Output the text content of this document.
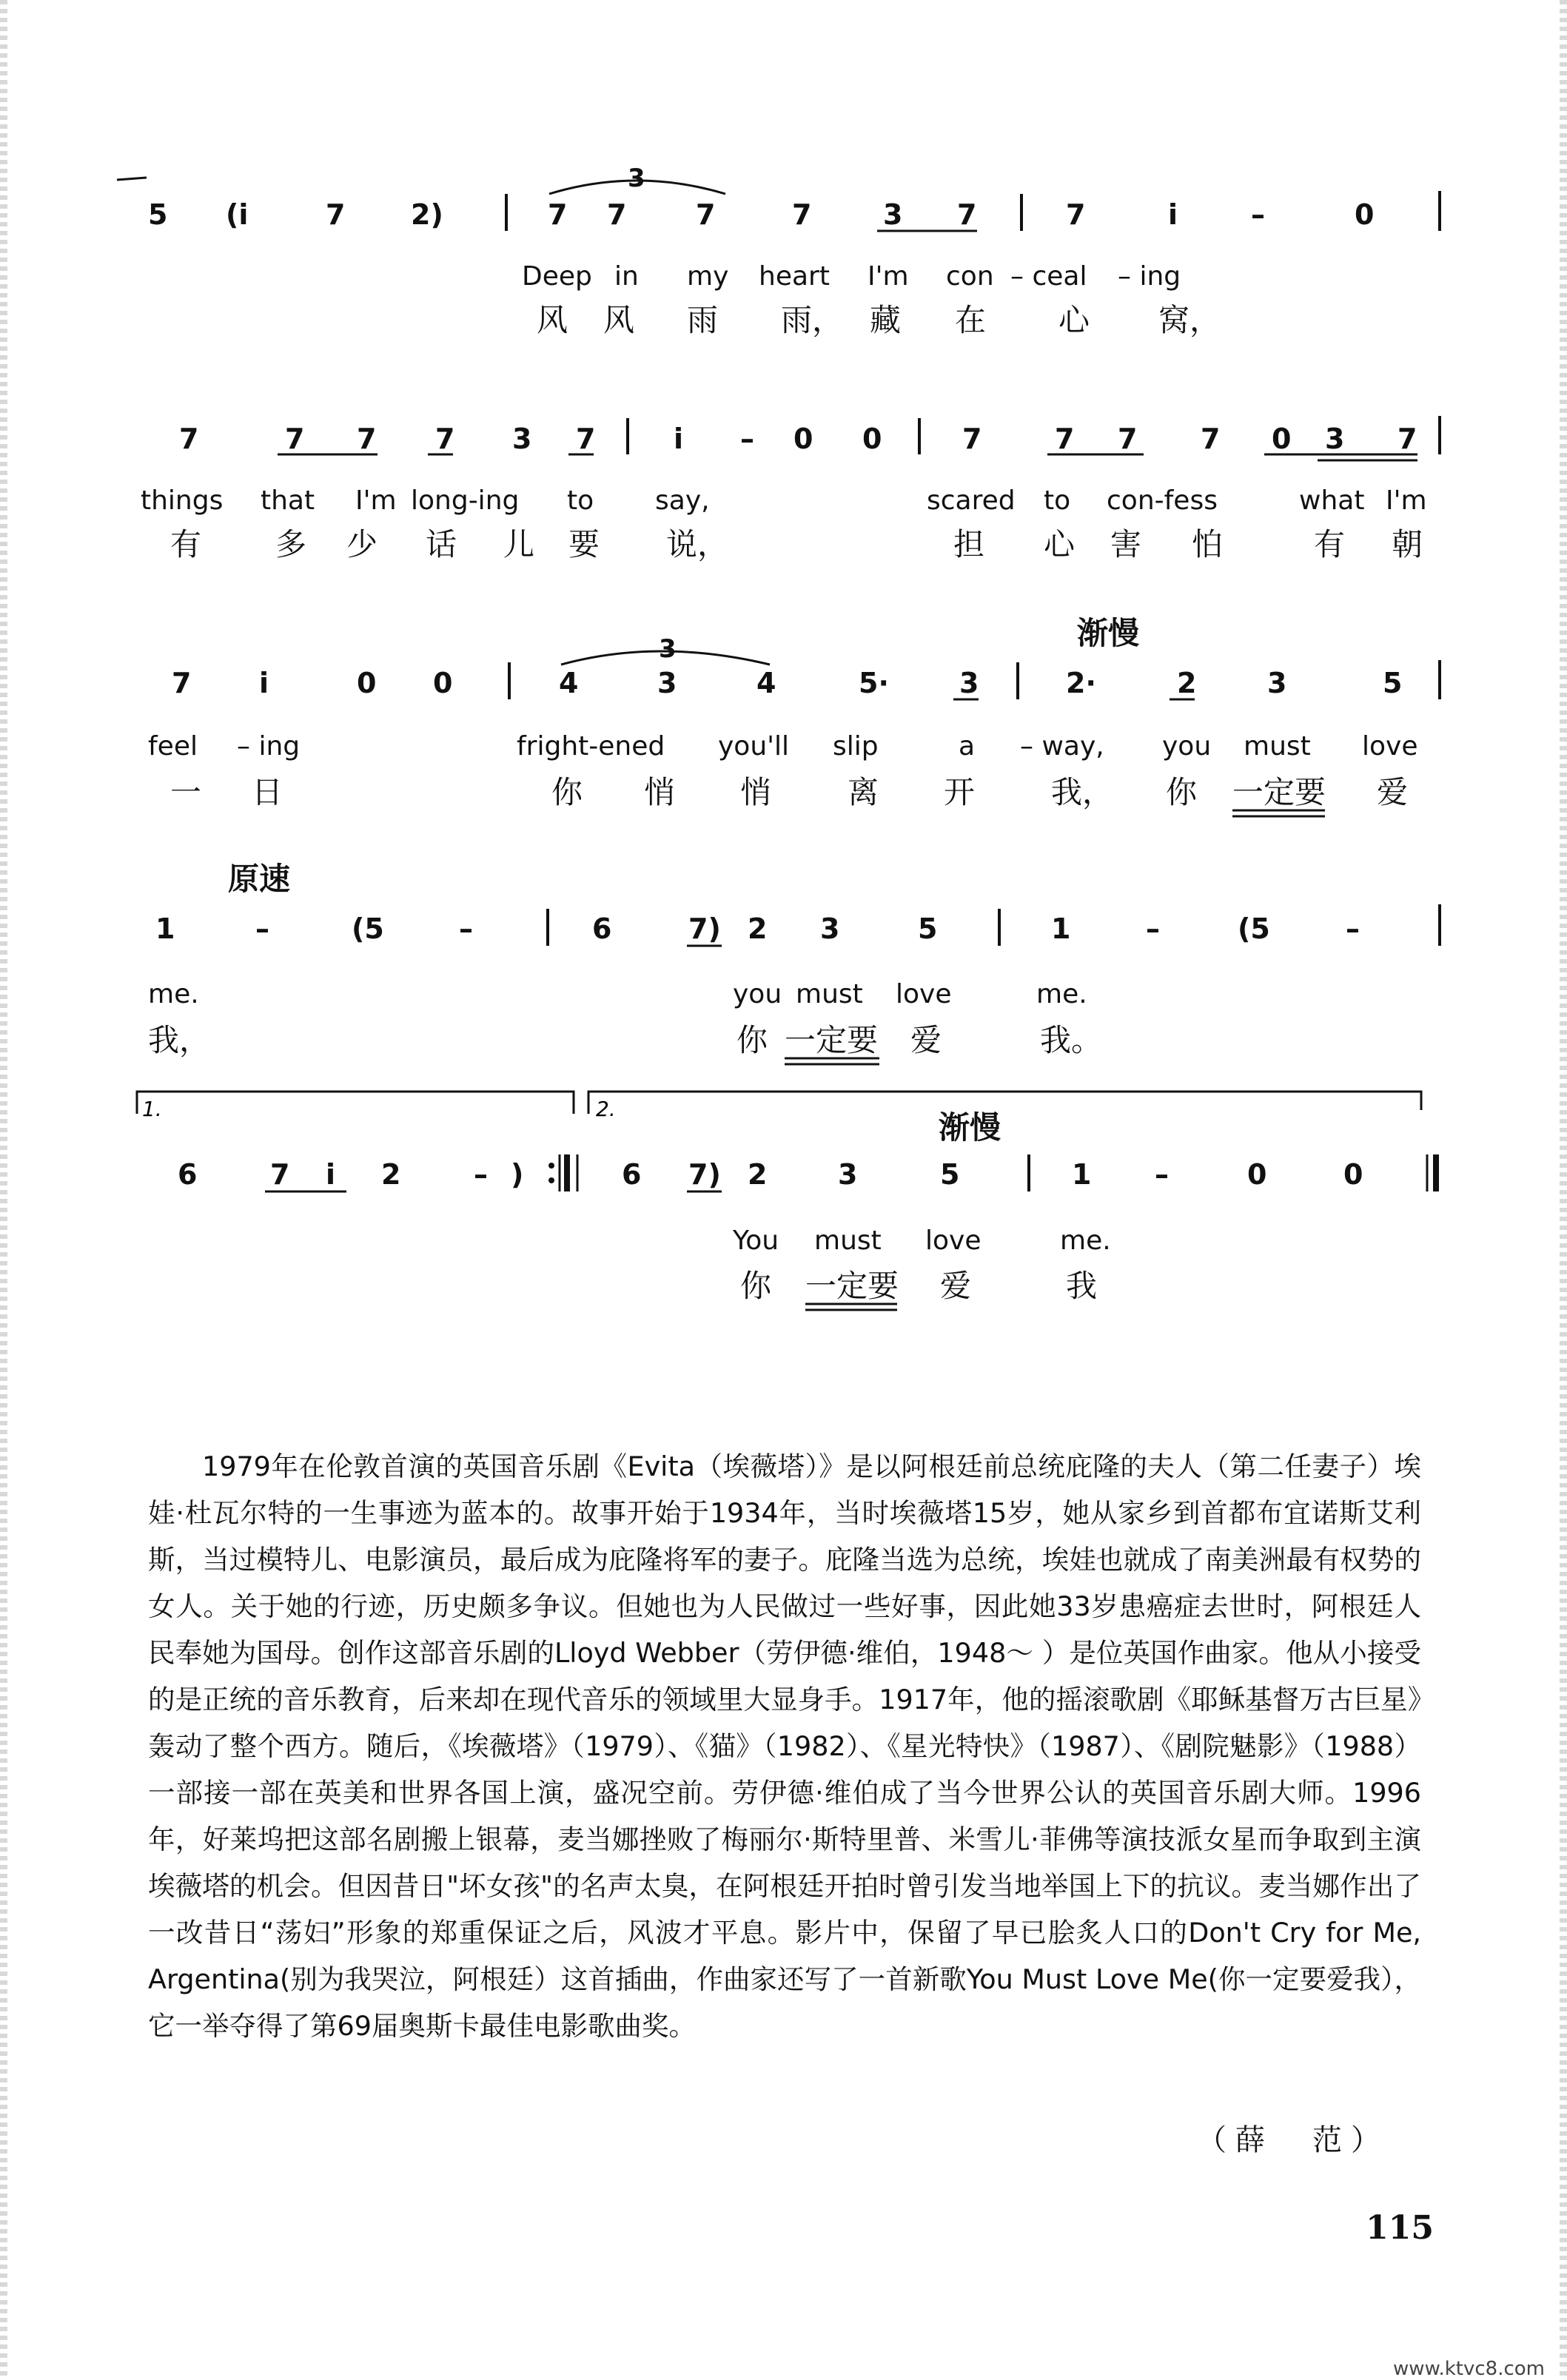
5 (i	7 2)	7 7 7	7
3
3 7	7	i	–	0
Deep in my heart I'm con – ceal – ing
风 风 雨 雨， 藏 在 心 窝，
7	7 7 7 3 7	i – 0 0	7	7 7 7 0 3 7
things that I'm long-ing to say,	scared to con-fess	what I'm
有 多 少 话 儿 要 说，	担 心 害 怕	有 朝
渐慢
7 i	0 0	4	3	4
3
5·	3	2·	2	3	5
feel – ing	fright-ened you'll slip	a – way, you must love
一 日	你 悄 悄 离 开 我， 你 一定要 爱
原速
1	–	(5	–	6	7) 2 3	5	1	–	(5	–
me.	you must love	me.
我，	你 一定要 爱	我。
1.	2.
渐慢
6	7 i 2	– )	6 7) 2	3	5	1 –	0	0
You must love	me.
你 一定要 爱	我

1979年在伦敦首演的英国音乐剧《Evita（埃薇塔）》是以阿根廷前总统庇隆的夫人（第二任妻子）埃娃·杜瓦尔特的一生事迹为蓝本的。故事开始于1934年，当时埃薇塔15岁，她从家乡到首都布宜诺斯艾利斯，当过模特儿、电影演员，最后成为庇隆将军的妻子。庇隆当选为总统，埃娃也就成了南美洲最有权势的女人。关于她的行迹，历史颇多争议。但她也为人民做过一些好事，因此她33岁患癌症去世时，阿根廷人民奉她为国母。创作这部音乐剧的Lloyd Webber（劳伊德·维伯，1948～ ）是位英国作曲家。他从小接受的是正统的音乐教育，后来却在现代音乐的领域里大显身手。1917年，他的摇滚歌剧《耶稣基督万古巨星》轰动了整个西方。随后，《埃薇塔》（1979）、《猫》（1982）、《星光特快》（1987）、《剧院魅影》（1988）一部接一部在英美和世界各国上演，盛况空前。劳伊德·维伯成了当今世界公认的英国音乐剧大师。1996年，好莱坞把这部名剧搬上银幕，麦当娜挫败了梅丽尔·斯特里普、米雪儿·菲佛等演技派女星而争取到主演埃薇塔的机会。但因昔日"坏女孩"的名声太臭，在阿根廷开拍时曾引发当地举国上下的抗议。麦当娜作出了一改昔日“荡妇”形象的郑重保证之后，风波才平息。影片中，保留了早已脍炙人口的Don't Cry for Me, Argentina(别为我哭泣，阿根廷）这首插曲，作曲家还写了一首新歌You Must Love Me(你一定要爱我），它一举夺得了第69届奥斯卡最佳电影歌曲奖。

（薛　范）
115
www.ktvc8.com
